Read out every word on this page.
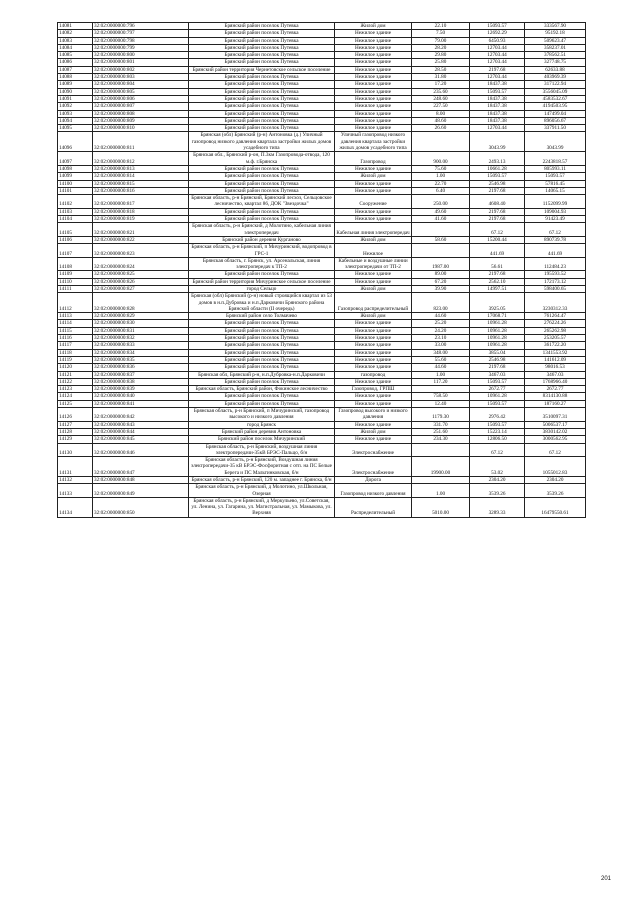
14081	32:02:0000000:796	Брянский район поселок Путевка	Жилой дом	22.10	15093.57	333567.90
14082	32:02:0000000:797	Брянский район поселок Путевка	Нежилое здание	7.50	12692.29	95192.18
14083	32:02:0000000:798	Брянский район поселок Путевка	Нежилое здание	79.00	6450.93	509623.47
14084	32:02:0000000:799	Брянский район поселок Путевка	Нежилое здание	28.20	12703.44	358237.01
14085	32:02:0000000:800	Брянский район поселок Путевка	Нежилое здание	29.80	12703.44	378562.51
14086	32:02:0000000:801	Брянский район поселок Путевка	Нежилое здание	25.80	12703.44	327748.75
14087	32:02:0000000:802	Брянский район территория Чернетовское сельское поселение	Нежилое здание	28.50	2197.68	62633.88
14088	32:02:0000000:803	Брянский район поселок Путевка	Нежилое здание	31.80	12703.44	403969.39
14089	32:02:0000000:804	Брянский район поселок Путевка	Нежилое здание	17.20	18437.38	317122.94
14090	32:02:0000000:805	Брянский район поселок Путевка	Нежилое здание	235.60	15093.57	3556045.09
14091	32:02:0000000:806	Брянский район поселок Путевка	Нежилое здание	248.60	18437.38	4583532.67
14092	32:02:0000000:807	Брянский район поселок Путевка	Нежилое здание	227.50	18437.38	4194503.95
14093	32:02:0000000:808	Брянский район поселок Путевка	Нежилое здание	8.00	18437.38	147499.04
14094	32:02:0000000:809	Брянский район поселок Путевка	Нежилое здание	48.60	18437.38	896056.67
14095	32:02:0000000:810	Брянский район поселок Путевка	Нежилое здание	26.60	12703.44	337911.50
14096	32:02:0000000:811	Брянская (обл) Брянский (р-н) Антоновка (д.) Уличный газопровод низкого давления квартала застройки жилых домов усадебного типа	Уличный газопровод низкого давления квартала застройки жилых домов усадебного типа		3043.99	3043.99
14097	32:02:0000000:812	Брянская обл., Брянский р-он, П.3км Газопровода-отвода, 120 м.ф. г.Брянска	Газопровод	900.00	2493.13	2243818.57
14098	32:02:0000000:813	Брянский район поселок Путевка	Нежилое здание	75.60	10661.28	805993.11
14099	32:02:0000000:814	Брянский район поселок Путевка	Жилой дом	1.00	15093.57	15093.57
14100	32:02:0000000:815	Брянский район поселок Путевка	Нежилое здание	22.70	2546.98	57816.45
14101	32:02:0000000:816	Брянский район поселок Путевка	Нежилое здание	6.40	2197.68	14065.15
14102	32:02:0000000:817	Брянская область, р-н Брянский, Брянский лесхоз, Сельцовское лесничество, квартал 86, ДОК "Звездочка"	Сооружение	250.00	4608.40	1152099.99
14103	32:02:0000000:818	Брянский район поселок Путевка	Нежилое здание	49.60	2197.68	109004.93
14104	32:02:0000000:819	Брянский район поселок Путевка	Нежилое здание	41.60	2197.68	91423.49
14105	32:02:0000000:821	Брянская область, р-н Брянский, д Молотино, кабельная линия электропередач	Кабельная линия электропередач		67.12	67.12
14106	32:02:0000000:822	Брянский район деревня Курганово	Жилой дом	58.60	15200.44	890739.78
14107	32:02:0000000:823	Брянская область, р-н Брянский, п Мичуринский, водопровод в ГРС-1	Нежилое		441.69	441.69
14108	32:02:0000000:824	Брянская область, г. Брянск, ул. Арсенальская, линия электропередач к ТП-2	Кабельные и воздушные линии электропередачи от ТП-2	1987.00	56.61	112484.23
14109	32:02:0000000:825	Брянский район поселок Путевка	Нежилое здание	89.00	2197.68	195593.52
14110	32:02:0000000:826	Брянский район территория Мичуринское сельское поселение	Нежилое здание	67.20	2562.10	172173.12
14111	32:02:0000000:827	город Сельцо	Жилой дом	39.90	14997.51	598400.65
14112	32:02:0000000:828	Брянская (обл) Брянский (р-н) новый строящийся квартал из 53 домов в н.п.Дубровка и н.п.Дарковичи Брянского района Брянской области (II очередь)	Газопровод распределительный	823.00	3925.05	3230312.33
14113	32:02:0000000:829	Брянский район село Толмачево	Жилой дом	44.60	17068.71	761264.47
14114	32:02:0000000:830	Брянский район поселок Путевка	Нежилое здание	25.20	10961.28	276224.26
14115	32:02:0000000:831	Брянский район поселок Путевка	Нежилое здание	24.20	10961.28	265262.98
14116	32:02:0000000:832	Брянский район поселок Путевка	Нежилое здание	23.10	10961.28	253205.57
14117	32:02:0000000:833	Брянский район поселок Путевка	Нежилое здание	33.00	10961.28	361722.20
14118	32:02:0000000:834	Брянский район поселок Путевка	Нежилое здание	348.00	3855.04	1341553.92
14119	32:02:0000000:835	Брянский район поселок Путевка	Нежилое здание	55.60	2546.98	141612.09
14120	32:02:0000000:836	Брянский район поселок Путевка	Нежилое здание	44.60	2197.68	98016.53
14121	32:02:0000000:837	Брянская обл, Брянский р-н, н.п.Дубровка-н.п.Дарковичи	газопровод	1.00	3467.03	3467.03
14122	32:02:0000000:838	Брянский район поселок Путевка	Нежилое здание	117.20	15093.57	1768966.40
14123	32:02:0000000:839	Брянская область, Брянский район, Фокинское лесничество	Газопровод, ГРПШ		2672.77	2672.77
14124	32:02:0000000:840	Брянский район поселок Путевка	Нежилое здание	758.50	10961.28	8314130.88
14125	32:02:0000000:841	Брянский район поселок Путевка	Нежилое здание	12.40	15093.57	187160.27
14126	32:02:0000000:842	Брянская область, р-н Брянский, п Мичуринский, газопровод высокого и низкого давления	Газопровод высокого и низкого давления	1179.30	2976.42	3510097.31
14127	32:02:0000000:843	город Брянск	Нежилое здание	331.70	15093.57	5006537.17
14128	32:02:0000000:844	Брянский район деревня Антоновка	Жилой дом	251.60	15223.14	3830142.02
14129	32:02:0000000:845	Брянский район поселок Мичуринский	Нежилое здание	234.30	12806.50	3000562.95
14130	32:02:0000000:846	Брянская область, р-н Брянский, воздушная линия электропередачи-35кВ БРЭС-Пальцо, б/н	Электроснабжение		67.12	67.12
14131	32:02:0000000:847	Брянская область, р-н Брянский, Воздушная линия электропередачи-35 кВ БРЭС-Фосфоритная с отп. на ПС Белые Берега и ПС Мальтинковская, б/н	Электроснабжение	19900.00	53.02	1055012.83
14132	32:02:0000000:848	Брянская область, р-н Брянский, 120 м. западнее г. Брянска, б/н	Дорога		2304.20	2304.20
14133	32:02:0000000:849	Брянская область, р-н Брянский, д Молотино, ул.Школьная, Озерная	Газопровод низкого давления	1.00	3539.26	3539.26
14134	32:02:0000000:850	Брянская область, р-н Брянский, д Меркульево, ул.Советская, ул. Ленина, ул. Гагарина, ул. Магистральная, ул. Мамыкова, ул. Верхняя	Распределительный	5010.00	3289.33	16479550.61
201
